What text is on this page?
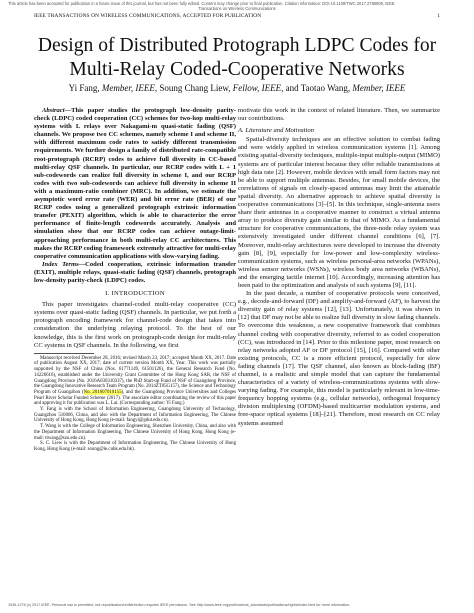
This article has been accepted for publication in a future issue of this journal, but has not been fully edited. Content may change prior to final publication. Citation information: DOI 10.1109/TWC.2017.2785809, IEEE
Transactions on Wireless Communications
IEEE TRANSACTIONS ON WIRELESS COMMUNICATIONS, ACCEPTED FOR PUBLICATION	1
Design of Distributed Protograph LDPC Codes for
Multi-Relay Coded-Cooperative Networks
Yi Fang, Member, IEEE, Soung Chang Liew, Fellow, IEEE, and Taotao Wang, Member, IEEE

Abstract—This paper studies the protograph low-density parity-check (LDPC) coded cooperation (CC) schemes for two-hop multi-relay systems with L relays over Nakagami-m quasi-static fading (QSF) channels. We propose two CC schemes, namely scheme I and scheme II, with different maximum code rates to satisfy different transmission requirements. We further design a family of distributed rate-compatible root-protograph (RCRP) codes to achieve full diversity in CC-based multi-relay QSF channels. In particular, our RCRP codes with L + 1 sub-codewords can realize full diversity in scheme I, and our RCRP codes with two sub-codewords can achieve full diversity in scheme II with a maximum-ratio combiner (MRC). In addition, we estimate the asymptotic word error rate (WER) and bit error rate (BER) of our RCRP codes using a generalized protograph extrinsic information transfer (PEXIT) algorithm, which is able to characterize the error performance of finite-length codewords accurately. Analysis and simulation show that our RCRP codes can achieve outage-limit-approaching performance in both multi-relay CC architectures. This makes the RCRP coding framework extremely attractive for multi-relay cooperative communication applications with slow-varying fading.

Index Terms—Coded cooperation, extrinsic information transfer (EXIT), multiple relays, quasi-static fading (QSF) channels, protograph low-density parity-check (LDPC) codes.

I. INTRODUCTION

This paper investigates channel-coded multi-relay cooperative (CC) systems over quasi-static fading (QSF) channels. In particular, we put forth a protograph encoding framework for channel-code design that takes into consideration the underlying relaying protocol. To the best of our knowledge, this is the first work on protograph-code design for multi-relay CC systems in QSF channels. In the following, we first

Manuscript received December 28, 2016; revised March 23, 2017; accepted Month XX, 2017. Date of publication August XX, 2017; date of current version Month XX, Year. This work was partially supported by the NSF of China (Nos. 61771149, 61501126), the General Research Fund (No. 14226616), established under the University Grant Committee of the Hong Kong SAR, the NSF of Guangdong Province (No. 2016A030310337), the PhD Start-up Fund of NSF of Guangdong Province, the Guangdong Innovative Research Team Program (No. 2014ZT05G157), the Science and Technology Program of Guangzhou (No. 201607010155), and the Guangdong Province Universities and Colleges Pearl River Scholar Funded Scheme (2017). The associate editor coordinating the review of this paper and approving it for publication was L. Lai. (Corresponding author: Yi Fang.)

Y. Fang is with the School of Information Engineering, Guangdong University of Technology, Guangzhou 510006, China, and also with the Department of Information Engineering, The Chinese University of Hong Kong, Hong Kong (e-mail: fangyi@gdut.edu.cn).

T. Wang is with the College of Information Engineering, Shenzhen University, China, and also with the Department of Information Engineering, The Chinese University of Hong Kong, Hong Kong (e-mail: ttwang@szu.edu.cn).

S. C. Liew is with the Department of Information Engineering, The Chinese University of Hong Kong, Hong Kong (e-mail: soung@ie.cuhk.edu.hk).

motivate this work in the context of related literature. Then, we summarize our contributions.

A. Literature and Motivation

Spatial-diversity techniques are an effective solution to combat fading and were widely applied in wireless communication systems [1]. Among existing spatial-diversity techniques, multiple-input multiple-output (MIMO) systems are of particular interest because they offer reliable transmissions at high data rate [2]. However, mobile devices with small form factors may not be able to support multiple antennas. Besides, for small mobile devices, the correlations of signals on closely-spaced antennas may limit the attainable spatial diversity. An alternative approach to achieve spatial diversity is cooperative communications [3]–[5]. In this technique, single-antenna users share their antennas in a cooperative manner to construct a virtual antenna array to produce diversity gain similar to that of MIMO. As a fundamental structure for cooperative communications, the three-node relay system was extensively investigated under different channel conditions [6], [7]. Moreover, multi-relay architectures were developed to increase the diversity gain [8], [9], especially for low-power and low-complexity wireless-communication systems, such as wireless personal-area networks (WPANs), wireless sensor networks (WSNs), wireless body area networks (WBANs), and the emerging tactile internet [10]. Accordingly, increasing attention has been paid to the optimization and analysis of such systems [9], [11].

In the past decade, a number of cooperative protocols were conceived, e.g., decode-and-forward (DF) and amplify-and-forward (AF), to harvest the diversity gain of relay systems [12], [13]. Unfortunately, it was shown in [12] that DF may not be able to realize full diversity in slow fading channels. To overcome this weakness, a new cooperative framework that combines channel coding with cooperative diversity, referred to as coded cooperation (CC), was introduced in [14]. Prior to this milestone paper, most research on relay networks adopted AF or DF protocol [15], [16]. Compared with other existing protocols, CC is a more efficient protocol, especially for slow fading channels [17]. The QSF channel, also known as block-fading (BF) channel, is a realistic and simple model that can capture the fundamental characteristics of a variety of wireless-communications systems with slow-varying fading. For example, this model is particularly relevant in low-time-frequency hopping systems (e.g., cellular networks), orthogonal frequency division multiplexing (OFDM)-based multicarrier modulation systems, and free-space optical systems [18]–[21]. Therefore, most research on CC relay systems assumed

1536-1276 (c) 2017 IEEE. Personal use is permitted, but republication/redistribution requires IEEE permission. See http://www.ieee.org/publications_standards/publications/rights/index.html for more information.
